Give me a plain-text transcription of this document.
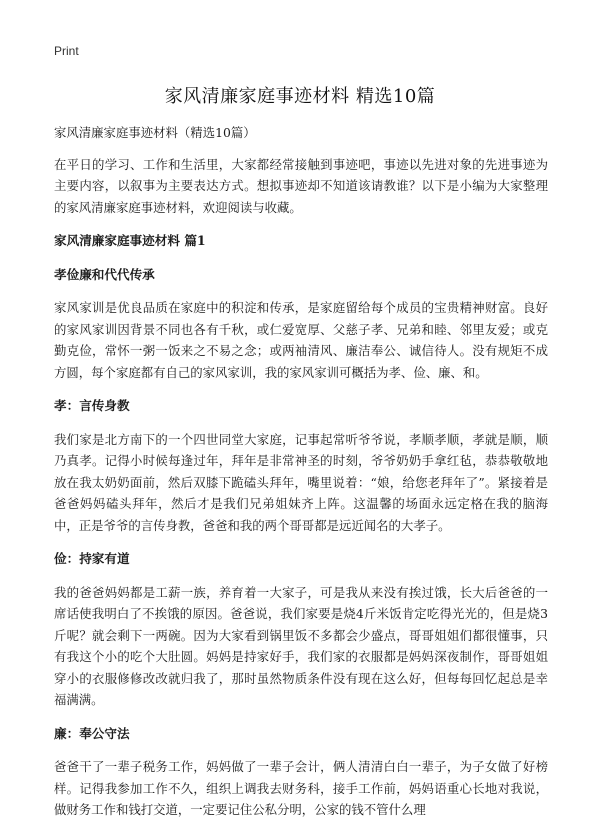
Print
家风清廉家庭事迹材料 精选10篇
家风清廉家庭事迹材料（精选10篇）

在平日的学习、工作和生活里，大家都经常接触到事迹吧，事迹以先进对象的先进事迹为主要内容，以叙事为主要表达方式。想拟事迹却不知道该请教谁？以下是小编为大家整理的家风清廉家庭事迹材料，欢迎阅读与收藏。

家风清廉家庭事迹材料 篇1
孝俭廉和代代传承

家风家训是优良品质在家庭中的积淀和传承，是家庭留给每个成员的宝贵精神财富。良好的家风家训因背景不同也各有千秋，或仁爱宽厚、父慈子孝、兄弟和睦、邻里友爱；或克勤克俭，常怀一粥一饭来之不易之念；或两袖清风、廉洁奉公、诚信待人。没有规矩不成方圆，每个家庭都有自己的家风家训，我的家风家训可概括为孝、俭、廉、和。

孝：言传身教

我们家是北方南下的一个四世同堂大家庭，记事起常听爷爷说，孝顺孝顺，孝就是顺，顺乃真孝。记得小时候每逢过年，拜年是非常神圣的时刻，爷爷奶奶手拿红毡，恭恭敬敬地放在我太奶奶面前，然后双膝下跪磕头拜年，嘴里说着：“娘，给您老拜年了”。紧接着是爸爸妈妈磕头拜年，然后才是我们兄弟姐妹齐上阵。这温馨的场面永远定格在我的脑海中，正是爷爷的言传身教，爸爸和我的两个哥哥都是远近闻名的大孝子。

俭：持家有道

我的爸爸妈妈都是工薪一族，养育着一大家子，可是我从来没有挨过饿，长大后爸爸的一席话使我明白了不挨饿的原因。爸爸说，我们家要是烧4斤米饭肯定吃得光光的，但是烧3斤呢？就会剩下一两碗。因为大家看到锅里饭不多都会少盛点，哥哥姐姐们都很懂事，只有我这个小的吃个大肚圆。妈妈是持家好手，我们家的衣服都是妈妈深夜制作，哥哥姐姐穿小的衣服修修改改就归我了，那时虽然物质条件没有现在这么好，但每每回忆起总是幸福满满。

廉：奉公守法

爸爸干了一辈子税务工作，妈妈做了一辈子会计，俩人清清白白一辈子，为子女做了好榜样。记得我参加工作不久，组织上调我去财务科，接手工作前，妈妈语重心长地对我说，做财务工作和钱打交道，一定要记住公私分明，公家的钱不管什么理
